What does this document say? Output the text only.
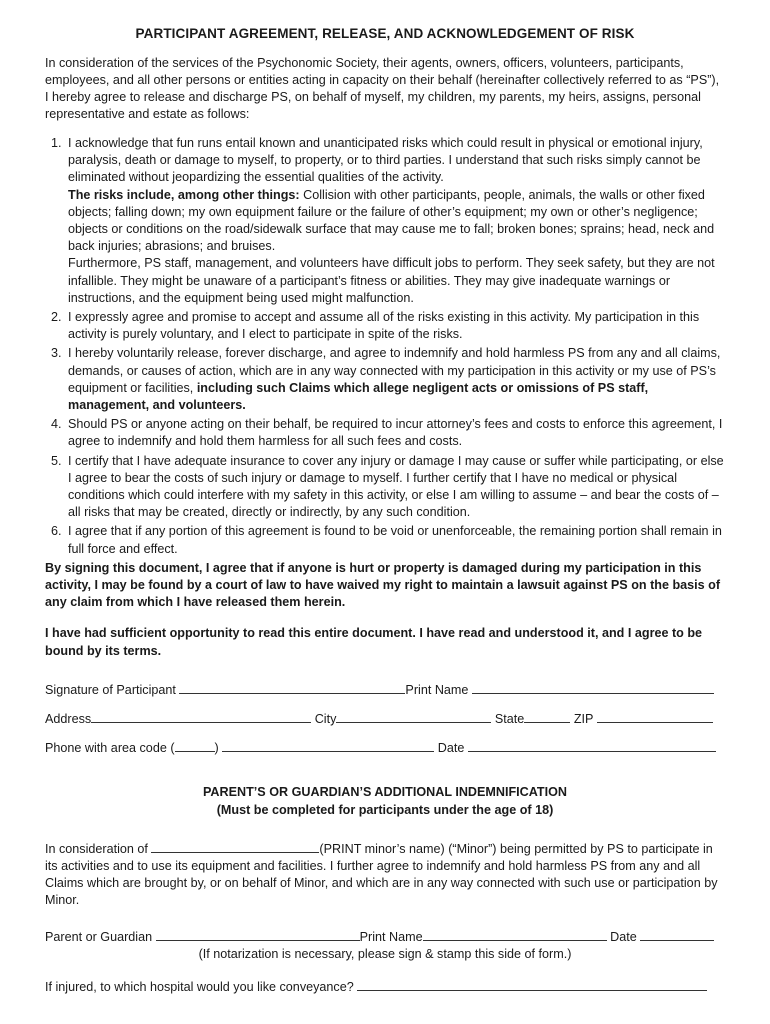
PARTICIPANT AGREEMENT, RELEASE, AND ACKNOWLEDGEMENT OF RISK

In consideration of the services of the Psychonomic Society, their agents, owners, officers, volunteers, participants, employees, and all other persons or entities acting in capacity on their behalf (hereinafter collectively referred to as “PS”), I hereby agree to release and discharge PS, on behalf of myself, my children, my parents, my heirs, assigns, personal representative and estate as follows:

1. I acknowledge that fun runs entail known and unanticipated risks which could result in physical or emotional injury, paralysis, death or damage to myself, to property, or to third parties. I understand that such risks simply cannot be eliminated without jeopardizing the essential qualities of the activity.
The risks include, among other things: Collision with other participants, people, animals, the walls or other fixed objects; falling down; my own equipment failure or the failure of other’s equipment; my own or other’s negligence; objects or conditions on the road/sidewalk surface that may cause me to fall; broken bones; sprains; head, neck and back injuries; abrasions; and bruises.
Furthermore, PS staff, management, and volunteers have difficult jobs to perform. They seek safety, but they are not infallible. They might be unaware of a participant’s fitness or abilities. They may give inadequate warnings or instructions, and the equipment being used might malfunction.
2. I expressly agree and promise to accept and assume all of the risks existing in this activity. My participation in this activity is purely voluntary, and I elect to participate in spite of the risks.
3. I hereby voluntarily release, forever discharge, and agree to indemnify and hold harmless PS from any and all claims, demands, or causes of action, which are in any way connected with my participation in this activity or my use of PS’s equipment or facilities, including such Claims which allege negligent acts or omissions of PS staff, management, and volunteers.
4. Should PS or anyone acting on their behalf, be required to incur attorney’s fees and costs to enforce this agreement, I agree to indemnify and hold them harmless for all such fees and costs.
5. I certify that I have adequate insurance to cover any injury or damage I may cause or suffer while participating, or else I agree to bear the costs of such injury or damage to myself. I further certify that I have no medical or physical conditions which could interfere with my safety in this activity, or else I am willing to assume – and bear the costs of – all risks that may be created, directly or indirectly, by any such condition.
6. I agree that if any portion of this agreement is found to be void or unenforceable, the remaining portion shall remain in full force and effect.

By signing this document, I agree that if anyone is hurt or property is damaged during my participation in this activity, I may be found by a court of law to have waived my right to maintain a lawsuit against PS on the basis of any claim from which I have released them herein.

I have had sufficient opportunity to read this entire document. I have read and understood it, and I agree to be bound by its terms.

Signature of Participant	Print Name

Address	City	State	ZIP

Phone with area code (	)	Date

PARENT’S OR GUARDIAN’S ADDITIONAL INDEMNIFICATION

(Must be completed for participants under the age of 18)

In consideration of	(PRINT minor’s name) (“Minor”) being permitted by PS to participate in its activities and to use its equipment and facilities. I further agree to indemnify and hold harmless PS from any and all Claims which are brought by, or on behalf of Minor, and which are in any way connected with such use or participation by Minor.

Parent or Guardian	Print Name	Date

(If notarization is necessary, please sign & stamp this side of form.)

If injured, to which hospital would you like conveyance?
